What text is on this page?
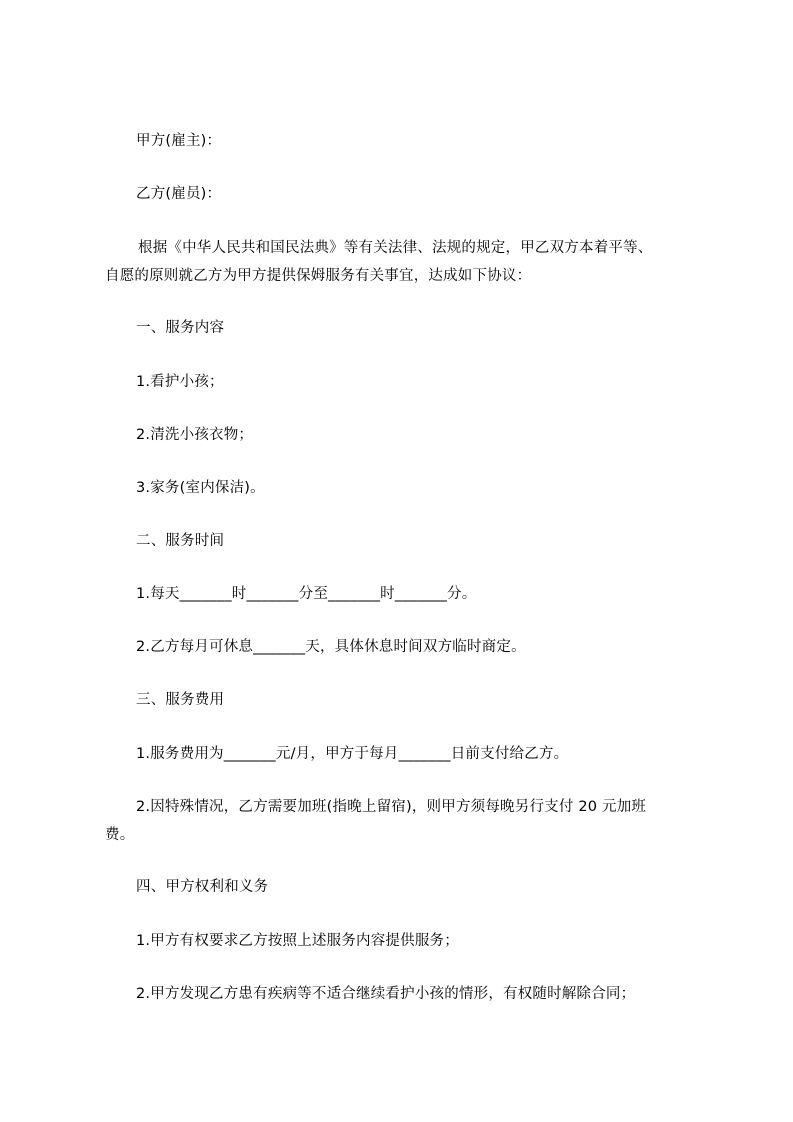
甲方(雇主)：
乙方(雇员)：
根据《中华人民共和国民法典》等有关法律、法规的规定，甲乙双方本着平等、
自愿的原则就乙方为甲方提供保姆服务有关事宜，达成如下协议：
一、服务内容
1.看护小孩；
2.清洗小孩衣物；
3.家务(室内保洁)。
二、服务时间
1.每天_______时_______分至_______时_______分。
2.乙方每月可休息_______天，具体休息时间双方临时商定。
三、服务费用
1.服务费用为_______元/月，甲方于每月_______日前支付给乙方。
2.因特殊情况，乙方需要加班(指晚上留宿)，则甲方须每晚另行支付 20 元加班
费。
四、甲方权利和义务
1.甲方有权要求乙方按照上述服务内容提供服务；
2.甲方发现乙方患有疾病等不适合继续看护小孩的情形，有权随时解除合同；
